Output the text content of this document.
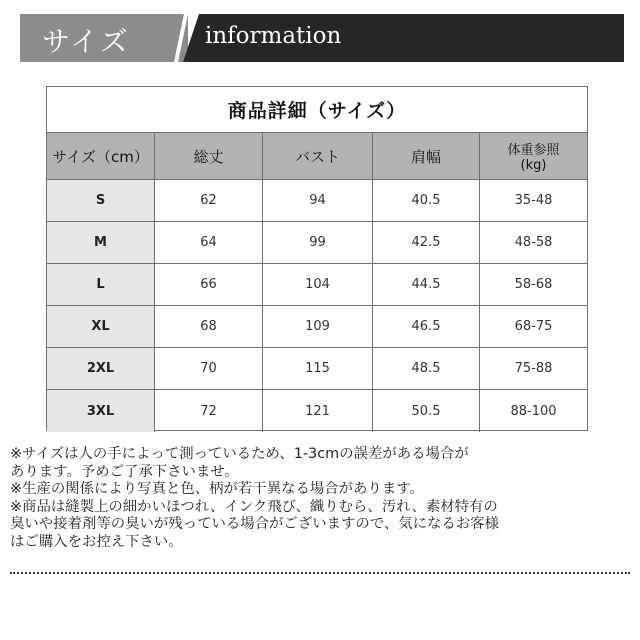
サイズ	information
商品詳細（サイズ）
サイズ（cm）	総丈	バスト	肩幅	体重参照
(kg)
S	62	94	40.5	35-48
M	64	99	42.5	48-58
L	66	104	44.5	58-68
XL	68	109	46.5	68-75
2XL	70	115	48.5	75-88
3XL	72	121	50.5	88-100

※サイズは人の手によって測っているため、1-3cmの誤差がある場合が

あります。予めご了承下さいませ。

※生産の関係により写真と色、柄が若干異なる場合があります。

※商品は縫製上の細かいほつれ、インク飛び、織りむら、汚れ、素材特有の

臭いや接着剤等の臭いが残っている場合がございますので、気になるお客様

はご購入をお控え下さい。
